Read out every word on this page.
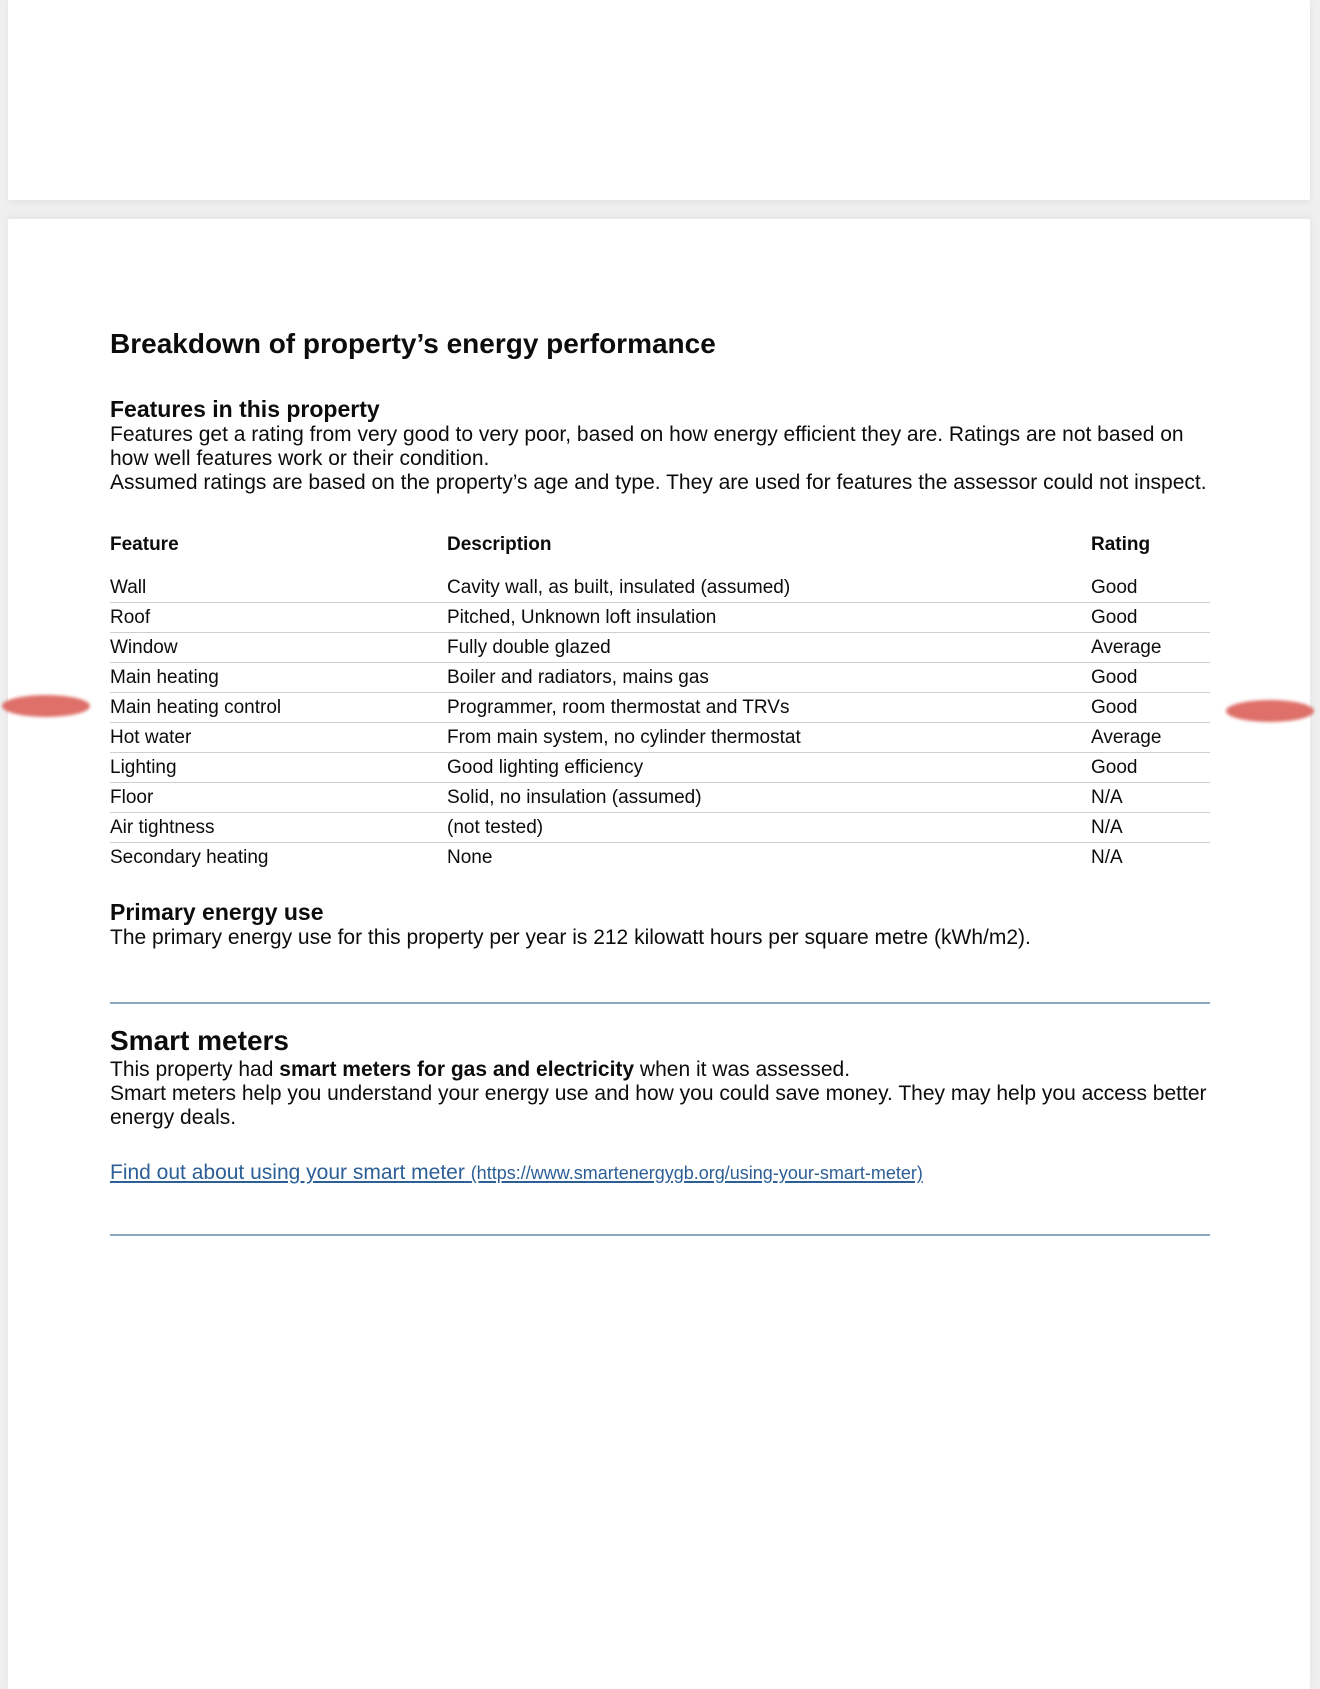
Breakdown of property’s energy performance
Features in this property

Features get a rating from very good to very poor, based on how energy efficient they are. Ratings are not based on how well features work or their condition.

Assumed ratings are based on the property’s age and type. They are used for features the assessor could not inspect.

Feature	Description	Rating
Wall	Cavity wall, as built, insulated (assumed)	Good
Roof	Pitched, Unknown loft insulation	Good
Window	Fully double glazed	Average
Main heating	Boiler and radiators, mains gas	Good
Main heating control	Programmer, room thermostat and TRVs	Good
Hot water	From main system, no cylinder thermostat	Average
Lighting	Good lighting efficiency	Good
Floor	Solid, no insulation (assumed)	N/A
Air tightness	(not tested)	N/A
Secondary heating	None	N/A
Primary energy use

The primary energy use for this property per year is 212 kilowatt hours per square metre (kWh/m2).

Smart meters

This property had smart meters for gas and electricity when it was assessed.

Smart meters help you understand your energy use and how you could save money. They may help you access better energy deals.

Find out about using your smart meter (https://www.smartenergygb.org/using-your-smart-meter)
